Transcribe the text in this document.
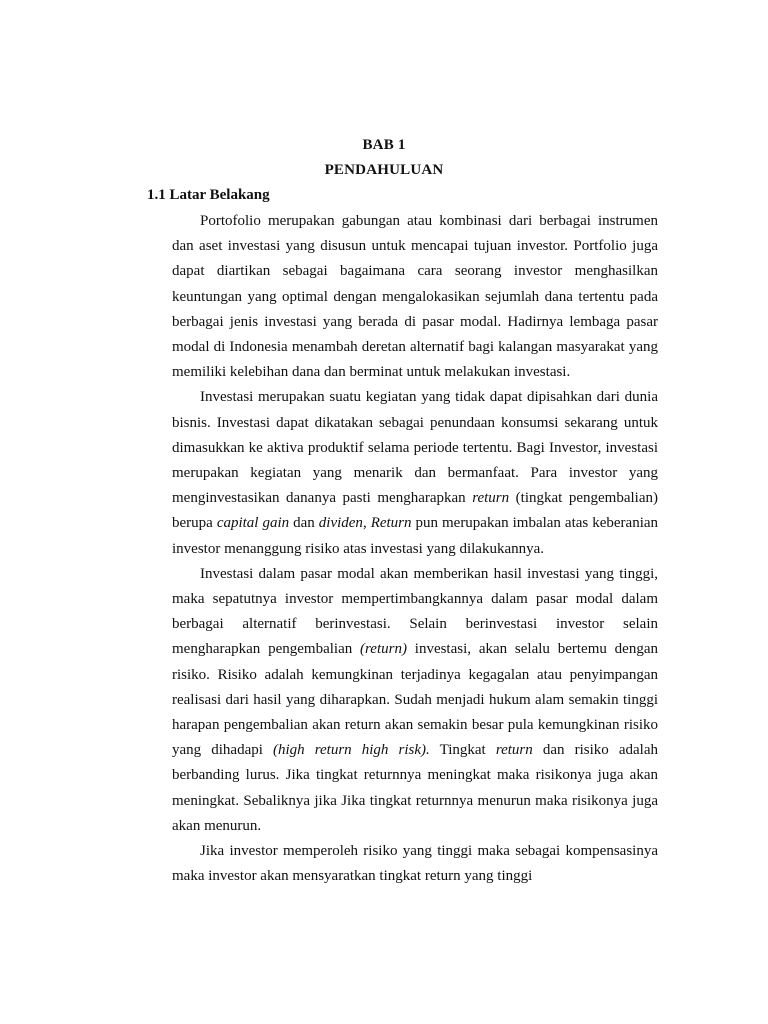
BAB 1
PENDAHULUAN
1.1 Latar Belakang

Portofolio merupakan gabungan atau kombinasi dari berbagai instrumen dan aset investasi yang disusun untuk mencapai tujuan investor. Portfolio juga dapat diartikan sebagai bagaimana cara seorang investor menghasilkan keuntungan yang optimal dengan mengalokasikan sejumlah dana tertentu pada berbagai jenis investasi yang berada di pasar modal. Hadirnya lembaga pasar modal di Indonesia menambah deretan alternatif bagi kalangan masyarakat yang memiliki kelebihan dana dan berminat untuk melakukan investasi.

Investasi merupakan suatu kegiatan yang tidak dapat dipisahkan dari dunia bisnis. Investasi dapat dikatakan sebagai penundaan konsumsi sekarang untuk dimasukkan ke aktiva produktif selama periode tertentu. Bagi Investor, investasi merupakan kegiatan yang menarik dan bermanfaat. Para investor yang menginvestasikan dananya pasti mengharapkan return (tingkat pengembalian) berupa capital gain dan dividen, Return pun merupakan imbalan atas keberanian investor menanggung risiko atas investasi yang dilakukannya.

Investasi dalam pasar modal akan memberikan hasil investasi yang tinggi, maka sepatutnya investor mempertimbangkannya dalam pasar modal dalam berbagai alternatif berinvestasi. Selain berinvestasi investor selain mengharapkan pengembalian (return) investasi, akan selalu bertemu dengan risiko. Risiko adalah kemungkinan terjadinya kegagalan atau penyimpangan realisasi dari hasil yang diharapkan. Sudah menjadi hukum alam semakin tinggi harapan pengembalian akan return akan semakin besar pula kemungkinan risiko yang dihadapi (high return high risk). Tingkat return dan risiko adalah berbanding lurus. Jika tingkat returnnya meningkat maka risikonya juga akan meningkat. Sebaliknya jika Jika tingkat returnnya menurun maka risikonya juga akan menurun.

Jika investor memperoleh risiko yang tinggi maka sebagai kompensasinya maka investor akan mensyaratkan tingkat return yang tinggi
